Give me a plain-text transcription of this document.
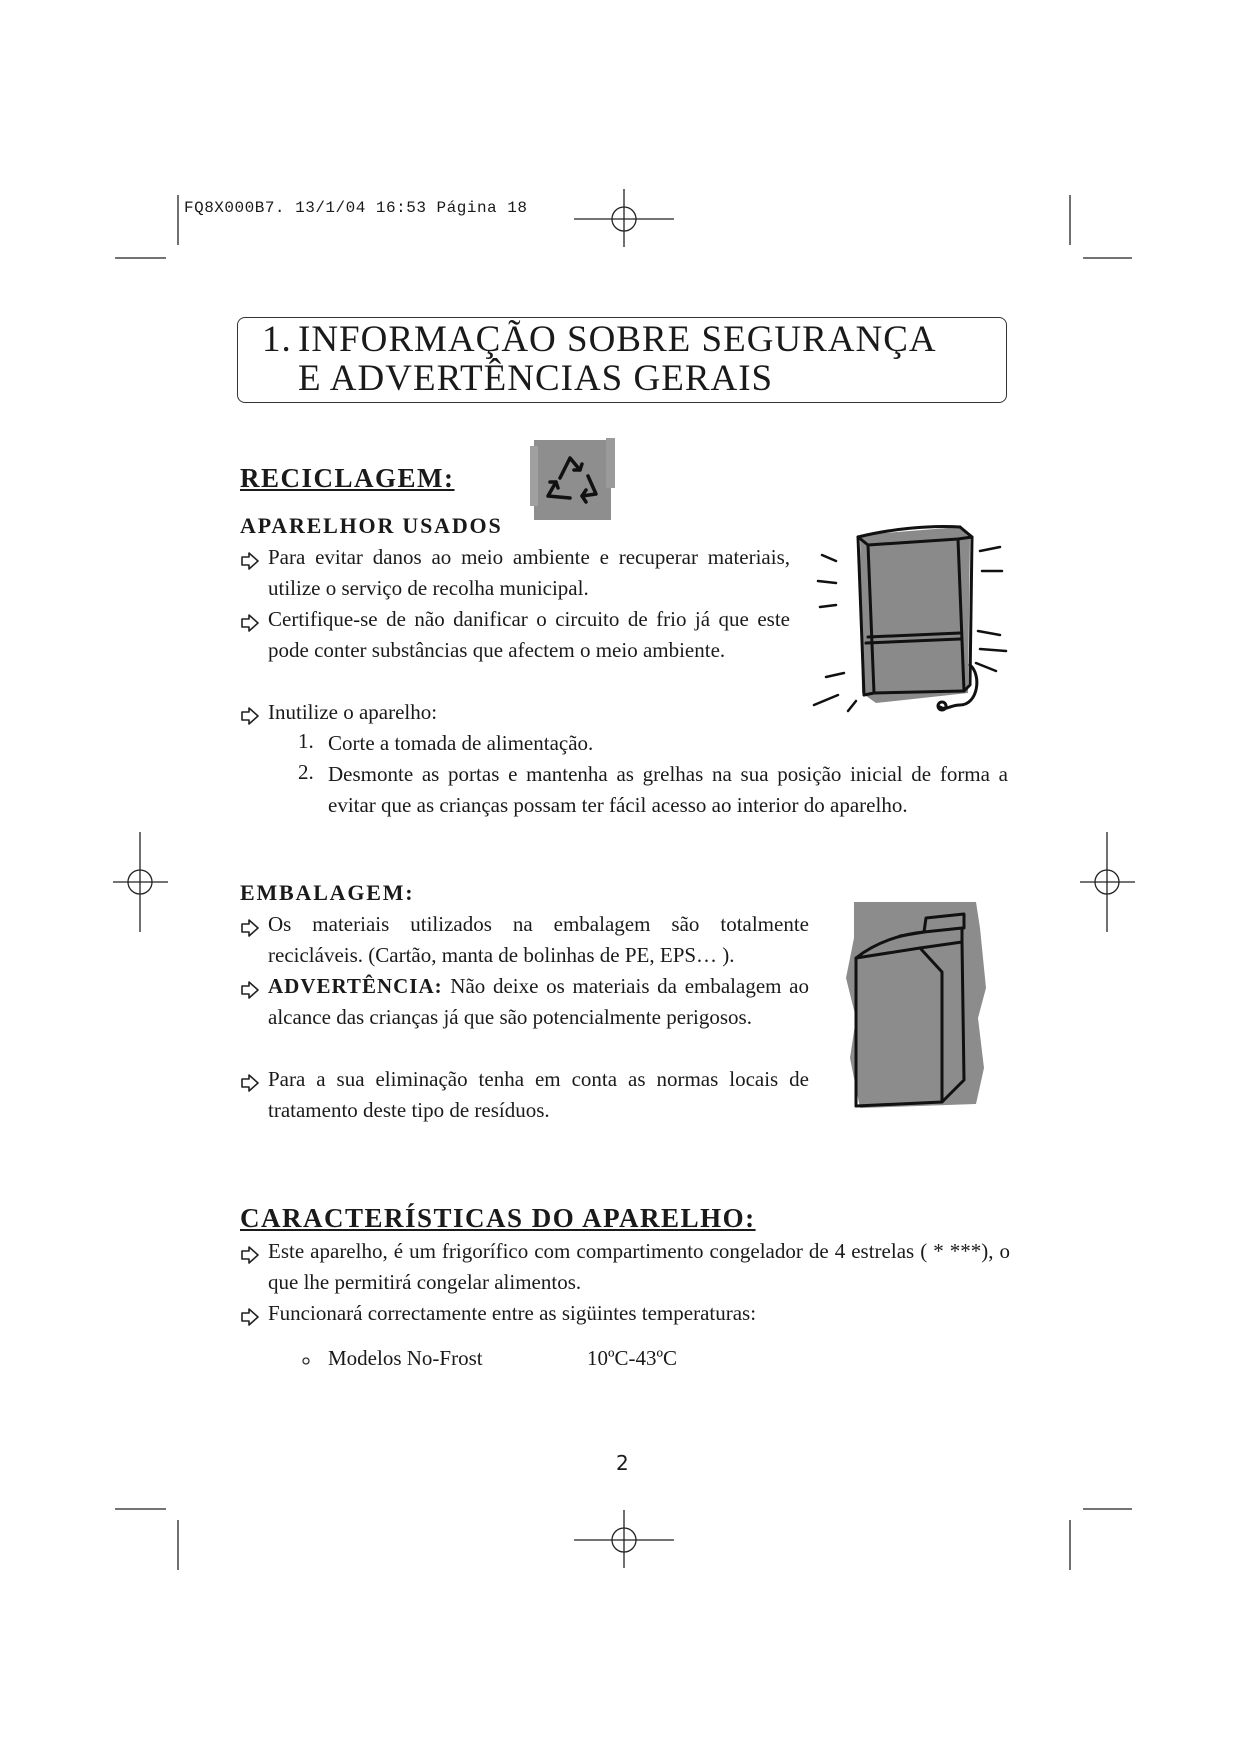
FQ8X000B7. 13/1/04 16:53 Página 18
1. INFORMAÇÃO SOBRE SEGURANÇA
E ADVERTÊNCIAS GERAIS
RECICLAGEM:
APARELHOR USADOS
Para evitar danos ao meio ambiente e recuperar materiais, utilize o serviço de recolha municipal.
Certifique-se de não danificar o circuito de frio já que este pode conter substâncias que afectem o meio ambiente.
Inutilize o aparelho:
1. Corte a tomada de alimentação.
2. Desmonte as portas e mantenha as grelhas na sua posição inicial de forma a evitar que as crianças possam ter fácil acesso ao interior do aparelho.
EMBALAGEM:
Os materiais utilizados na embalagem são totalmente recicláveis. (Cartão, manta de bolinhas de PE, EPS… ).
ADVERTÊNCIA: Não deixe os materiais da embalagem ao alcance das crianças já que são potencialmente perigosos.
Para a sua eliminação tenha em conta as normas locais de tratamento deste tipo de resíduos.
CARACTERÍSTICAS DO APARELHO:
Este aparelho, é um frigorífico com compartimento congelador de 4 estrelas ( * ***), o que lhe permitirá congelar alimentos.
Funcionará correctamente entre as sigüintes temperaturas:
Modelos No-Frost	10ºC-43ºC
2
